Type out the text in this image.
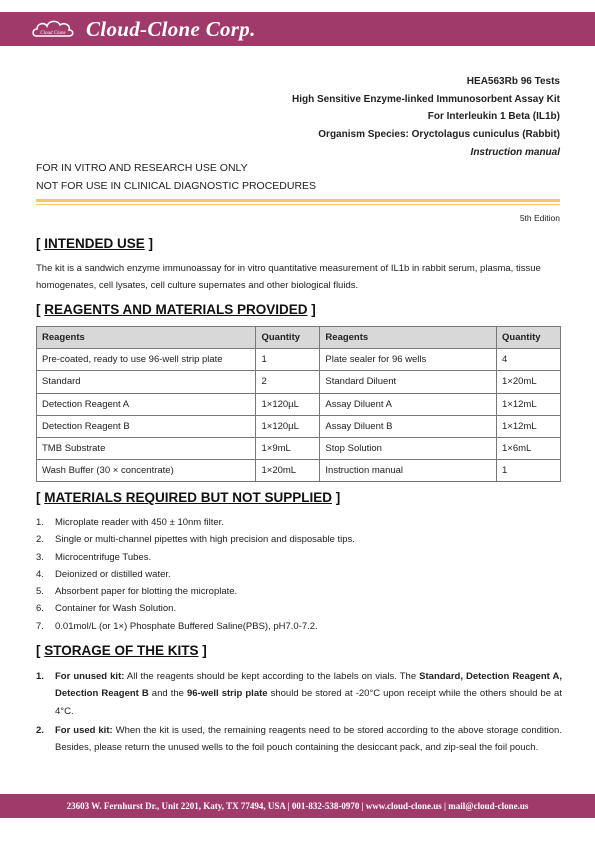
Cloud Clone Cloud-Clone Corp.
HEA563Rb 96 Tests
High Sensitive Enzyme-linked Immunosorbent Assay Kit
For Interleukin 1 Beta (IL1b)
Organism Species: Oryctolagus cuniculus (Rabbit)
Instruction manual
FOR IN VITRO AND RESEARCH USE ONLY
NOT FOR USE IN CLINICAL DIAGNOSTIC PROCEDURES
5th Edition
[ INTENDED USE ]
The kit is a sandwich enzyme immunoassay for in vitro quantitative measurement of IL1b in rabbit serum, plasma, tissue homogenates, cell lysates, cell culture supernates and other biological fluids.
[ REAGENTS AND MATERIALS PROVIDED ]
Reagents	Quantity	Reagents	Quantity
Pre-coated, ready to use 96-well strip plate	1	Plate sealer for 96 wells	4
Standard	2	Standard Diluent	1×20mL
Detection Reagent A	1×120µL	Assay Diluent A	1×12mL
Detection Reagent B	1×120µL	Assay Diluent B	1×12mL
TMB Substrate	1×9mL	Stop Solution	1×6mL
Wash Buffer (30 × concentrate)	1×20mL	Instruction manual	1
[ MATERIALS REQUIRED BUT NOT SUPPLIED ]
1. Microplate reader with 450 ± 10nm filter.
2. Single or multi-channel pipettes with high precision and disposable tips.
3. Microcentrifuge Tubes.
4. Deionized or distilled water.
5. Absorbent paper for blotting the microplate.
6. Container for Wash Solution.
7. 0.01mol/L (or 1×) Phosphate Buffered Saline(PBS), pH7.0-7.2.
[ STORAGE OF THE KITS ]
1. For unused kit: All the reagents should be kept according to the labels on vials. The Standard, Detection Reagent A, Detection Reagent B and the 96-well strip plate should be stored at -20°C upon receipt while the others should be at 4°C.
2. For used kit: When the kit is used, the remaining reagents need to be stored according to the above storage condition. Besides, please return the unused wells to the foil pouch containing the desiccant pack, and zip-seal the foil pouch.
23603 W. Fernhurst Dr., Unit 2201, Katy, TX 77494, USA | 001-832-538-0970 | www.cloud-clone.us | mail@cloud-clone.us
